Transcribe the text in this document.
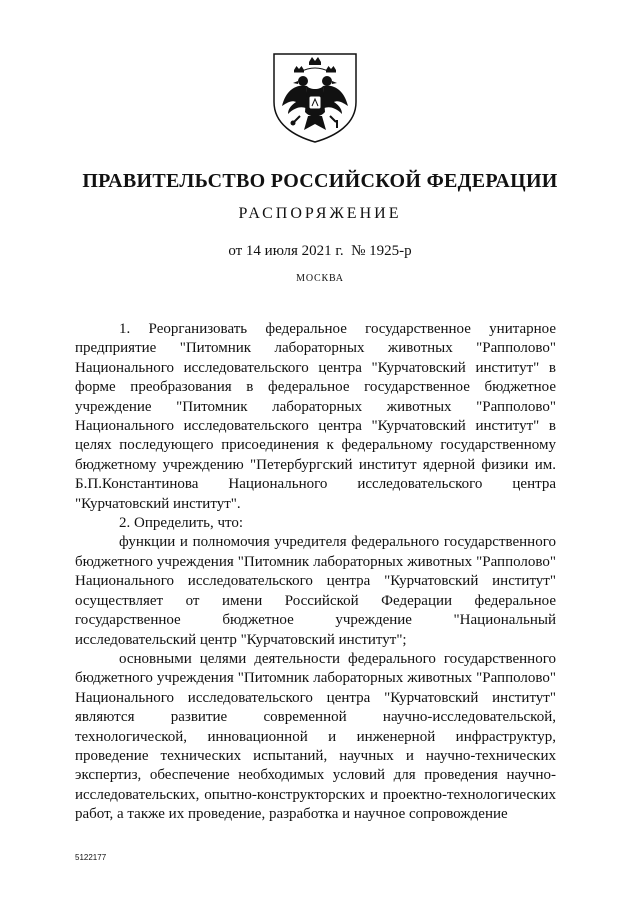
ПРАВИТЕЛЬСТВО РОССИЙСКОЙ ФЕДЕРАЦИИ
РАСПОРЯЖЕНИЕ
от 14 июля 2021 г. № 1925-р
МОСКВА

1. Реорганизовать федеральное государственное унитарное предприятие "Питомник лабораторных животных "Рапполово" Национального исследовательского центра "Курчатовский институт" в форме преобразования в федеральное государственное бюджетное учреждение "Питомник лабораторных животных "Рапполово" Национального исследовательского центра "Курчатовский институт" в целях последующего присоединения к федеральному государственному бюджетному учреждению "Петербургский институт ядерной физики им. Б.П.Константинова Национального исследовательского центра "Курчатовский институт".

2. Определить, что:

функции и полномочия учредителя федерального государственного бюджетного учреждения "Питомник лабораторных животных "Рапполово" Национального исследовательского центра "Курчатовский институт" осуществляет от имени Российской Федерации федеральное государственное бюджетное учреждение "Национальный исследовательский центр "Курчатовский институт";

основными целями деятельности федерального государственного бюджетного учреждения "Питомник лабораторных животных "Рапполово" Национального исследовательского центра "Курчатовский институт" являются развитие современной научно-исследовательской, технологической, инновационной и инженерной инфраструктур, проведение технических испытаний, научных и научно-технических экспертиз, обеспечение необходимых условий для проведения научно-исследовательских, опытно-конструкторских и проектно-технологических работ, а также их проведение, разработка и научное сопровождение

5122177
